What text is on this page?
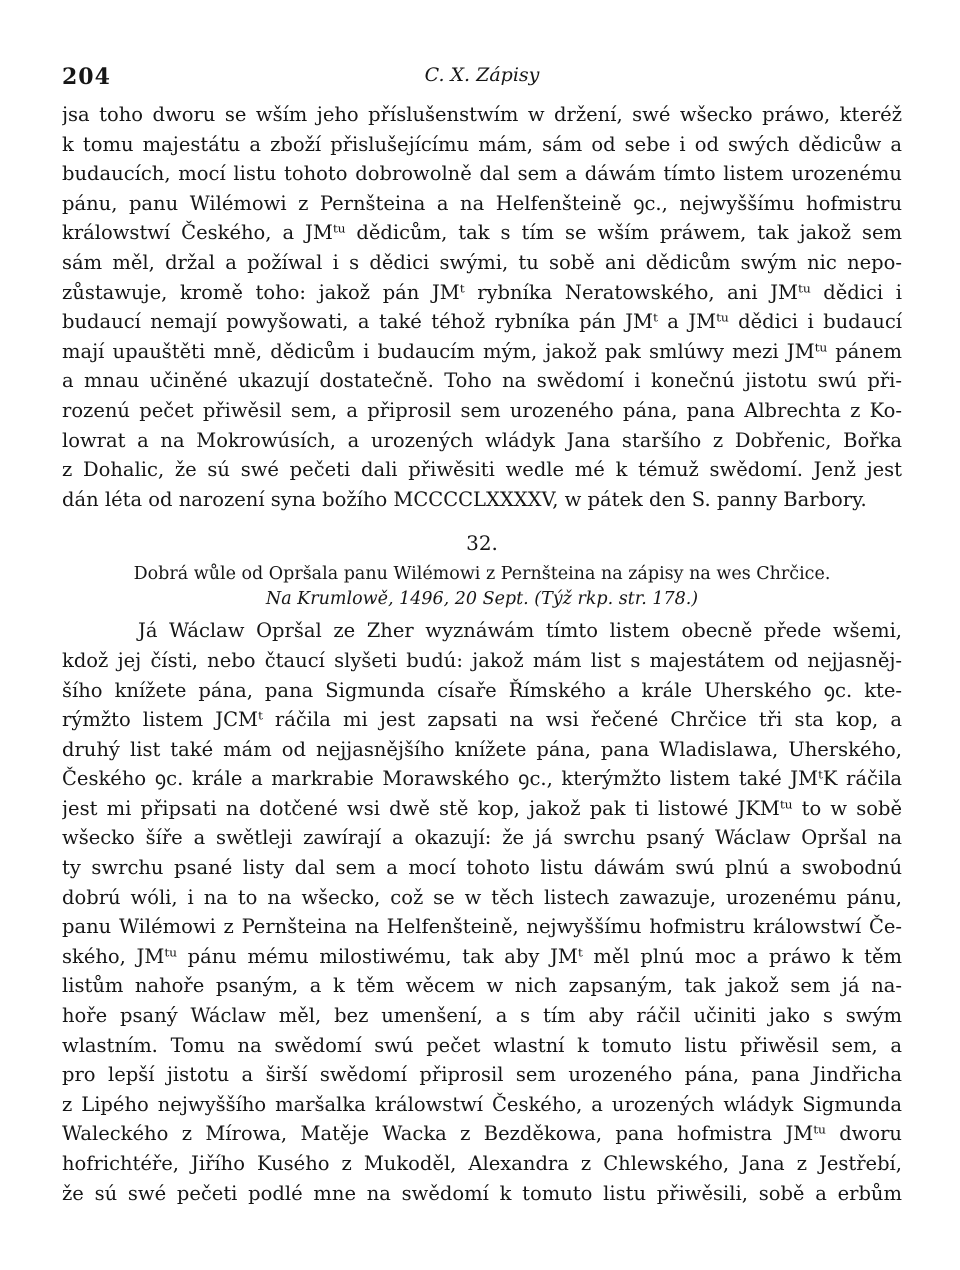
204	C. X. Zápisy
jsa toho dworu se wším jeho příslušenstwím w držení, swé wšecko práwo, kteréž
k tomu majestátu a zboží přislušejícímu mám, sám od sebe i od swých dědicůw a
budaucích, mocí listu tohoto dobrowolně dal sem a dáwám tímto listem urozenému
pánu, panu Wilémowi z Pernšteina a na Helfenšteině ꝯc., nejwyššímu hofmistru
králowstwí Českého, a JMᵗᵘ dědicům, tak s tím se wším práwem, tak jakož sem
sám měl, držal a požíwal i s dědici swými, tu sobě ani dědicům swým nic nepo-
zůstawuje, kromě toho: jakož pán JMᵗ rybníka Neratowského, ani JMᵗᵘ dědici i
budaucí nemají powyšowati, a také téhož rybníka pán JMᵗ a JMᵗᵘ dědici i budaucí
mají upauštěti mně, dědicům i budaucím mým, jakož pak smlúwy mezi JMᵗᵘ pánem
a mnau učiněné ukazují dostatečně. Toho na swědomí i konečnú jistotu swú při-
rozenú pečet přiwěsil sem, a připrosil sem urozeného pána, pana Albrechta z Ko-
lowrat a na Mokrowúsích, a urozených wládyk Jana staršího z Dobřenic, Bořka
z Dohalic, že sú swé pečeti dali přiwěsiti wedle mé k témuž swědomí. Jenž jest
dán léta od narození syna božího MCCCCLXXXXV, w pátek den S. panny Barbory.
32.
Dobrá wůle od Opršala panu Wilémowi z Pernšteina na zápisy na wes Chrčice.
Na Krumlowě, 1496, 20 Sept. (Týž rkp. str. 178.)
Já Wáclaw Opršal ze Zher wyznáwám tímto listem obecně přede wšemi,
kdož jej čísti, nebo čtaucí slyšeti budú: jakož mám list s majestátem od nejjasněj-
šího knížete pána, pana Sigmunda císaře Římského a krále Uherského ꝯc. kte-
rýmžto listem JCMᵗ ráčila mi jest zapsati na wsi řečené Chrčice tři sta kop, a
druhý list také mám od nejjasnějšího knížete pána, pana Wladislawa, Uherského,
Českého ꝯc. krále a markrabie Morawského ꝯc., kterýmžto listem také JMᵗK ráčila
jest mi připsati na dotčené wsi dwě stě kop, jakož pak ti listowé JKMᵗᵘ to w sobě
wšecko šíře a swětleji zawírají a okazují: že já swrchu psaný Wáclaw Opršal na
ty swrchu psané listy dal sem a mocí tohoto listu dáwám swú plnú a swobodnú
dobrú wóli, i na to na wšecko, což se w těch listech zawazuje, urozenému pánu,
panu Wilémowi z Pernšteina na Helfenšteině, nejwyššímu hofmistru králowstwí Če-
ského, JMᵗᵘ pánu mému milostiwému, tak aby JMᵗ měl plnú moc a práwo k těm
listům nahoře psaným, a k těm wěcem w nich zapsaným, tak jakož sem já na-
hoře psaný Wáclaw měl, bez umenšení, a s tím aby ráčil učiniti jako s swým
wlastním. Tomu na swědomí swú pečet wlastní k tomuto listu přiwěsil sem, a
pro lepší jistotu a širší swědomí připrosil sem urozeného pána, pana Jindřicha
z Lipého nejwyššího maršalka králowstwí Českého, a urozených wládyk Sigmunda
Waleckého z Mírowa, Matěje Wacka z Bezděkowa, pana hofmistra JMᵗᵘ dworu
hofrichtéře, Jiřího Kusého z Mukoděl, Alexandra z Chlewského, Jana z Jestřebí,
že sú swé pečeti podlé mne na swědomí k tomuto listu přiwěsili, sobě a erbům
